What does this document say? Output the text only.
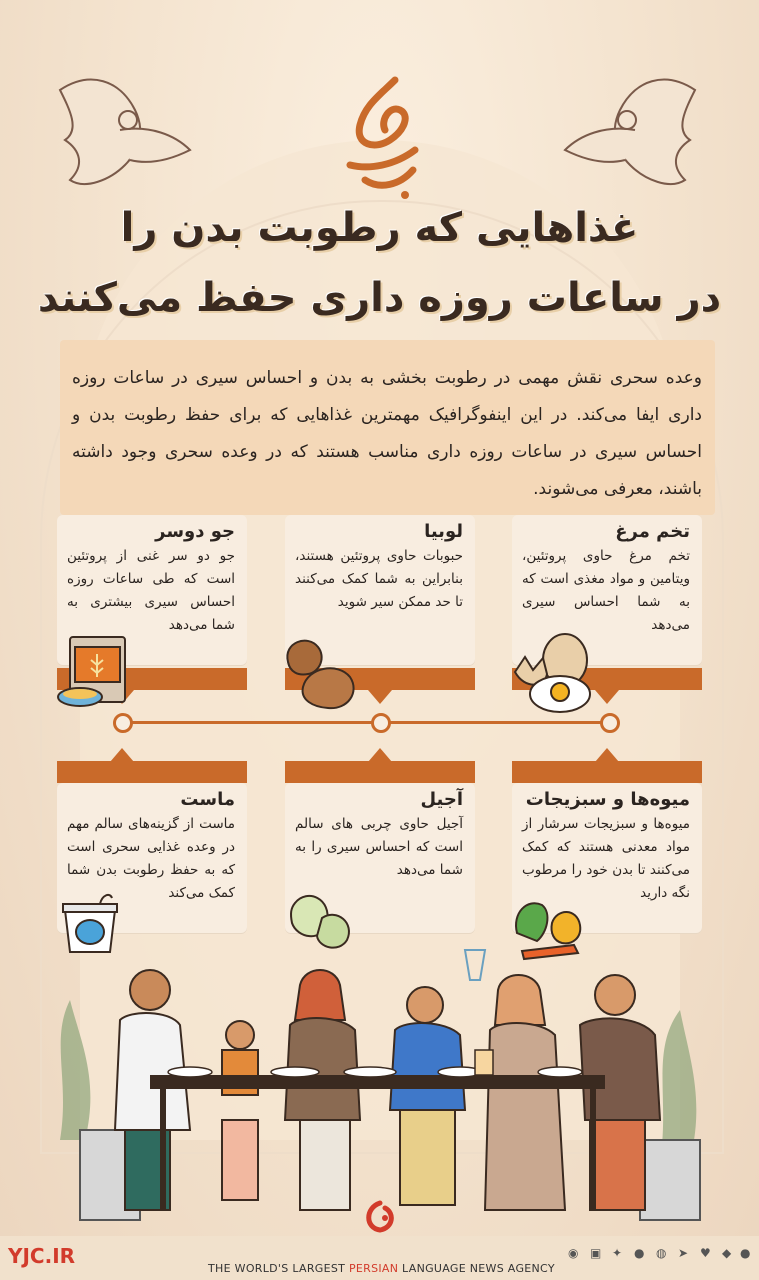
غذاهایی که رطوبت بدن را
در ساعات روزه داری حفظ می‌کنند
وعده سحری نقش مهمی در رطوبت بخشی به بدن و احساس سیری در ساعات روزه داری ایفا می‌کند. در این اینفوگرافیک مهمترین غذاهایی که برای حفظ رطوبت بدن و احساس سیری در ساعات روزه داری مناسب هستند که در وعده سحری وجود داشته باشند، معرفی می‌شوند.
تخم مرغ
تخم مرغ حاوی پروتئین، ویتامین و مواد مغذی است که به شما احساس سیری می‌دهد
لوبیا
حبوبات حاوی پروتئین هستند، بنابراین به شما کمک می‌کنند تا حد ممکن سیر شوید
جو دوسر
جو دو سر غنی از پروتئین است که طی ساعات روزه احساس سیری بیشتری به شما می‌دهد
میوه‌ها و سبزیجات
میوه‌ها و سبزیجات سرشار از مواد معدنی هستند که کمک می‌کنند تا بدن خود را مرطوب نگه دارید
آجیل
آجیل حاوی چربی های سالم است که احساس سیری را به شما می‌دهد
ماست
ماست از گزینه‌های سالم مهم در وعده غذایی سحری است که به حفظ رطوبت بدن شما کمک می‌کند
YJC.IR
THE WORLD'S LARGEST PERSIAN LANGUAGE NEWS AGENCY
◉ ▣ ✦ ● ◍ ➤ ♥ ◆ ●
